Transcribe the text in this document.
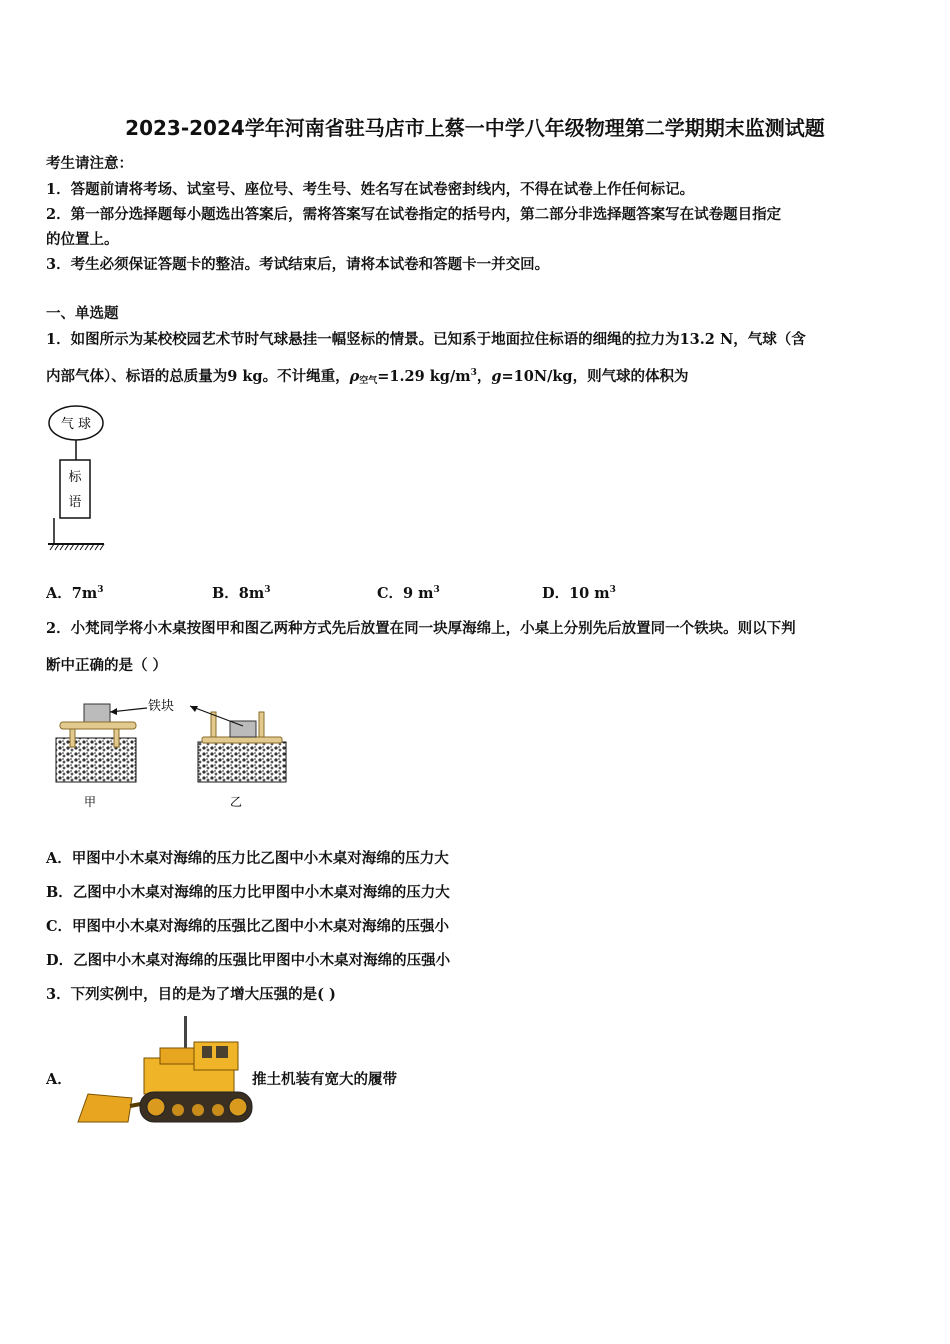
2023-2024学年河南省驻马店市上蔡一中学八年级物理第二学期期末监测试题
考生请注意：
1．答题前请将考场、试室号、座位号、考生号、姓名写在试卷密封线内，不得在试卷上作任何标记。
2．第一部分选择题每小题选出答案后，需将答案写在试卷指定的括号内，第二部分非选择题答案写在试卷题目指定
的位置上。
3．考生必须保证答题卡的整洁。考试结束后，请将本试卷和答题卡一并交回。
一、单选题
1．如图所示为某校校园艺术节时气球悬挂一幅竖标的情景。已知系于地面拉住标语的细绳的拉力为13.2 N，气球（含
内部气体）、标语的总质量为9 kg。不计绳重，$\rho_{空气}=1.29$ $kg/m^3$，g=10N/kg，则气球的体积为
气 球
标
语
A．$7m^3$	B．$8m^3$	C．9 $m^3$	D．10 $m^3$
2．小梵同学将小木桌按图甲和图乙两种方式先后放置在同一块厚海绵上，小桌上分别先后放置同一个铁块。则以下判
断中正确的是（ ）
铁块
甲	乙
A．甲图中小木桌对海绵的压力比乙图中小木桌对海绵的压力大
B．乙图中小木桌对海绵的压力比甲图中小木桌对海绵的压力大
C．甲图中小木桌对海绵的压强比乙图中小木桌对海绵的压强小
D．乙图中小木桌对海绵的压强比甲图中小木桌对海绵的压强小
3．下列实例中，目的是为了增大压强的是( )
A．	推土机装有宽大的履带
